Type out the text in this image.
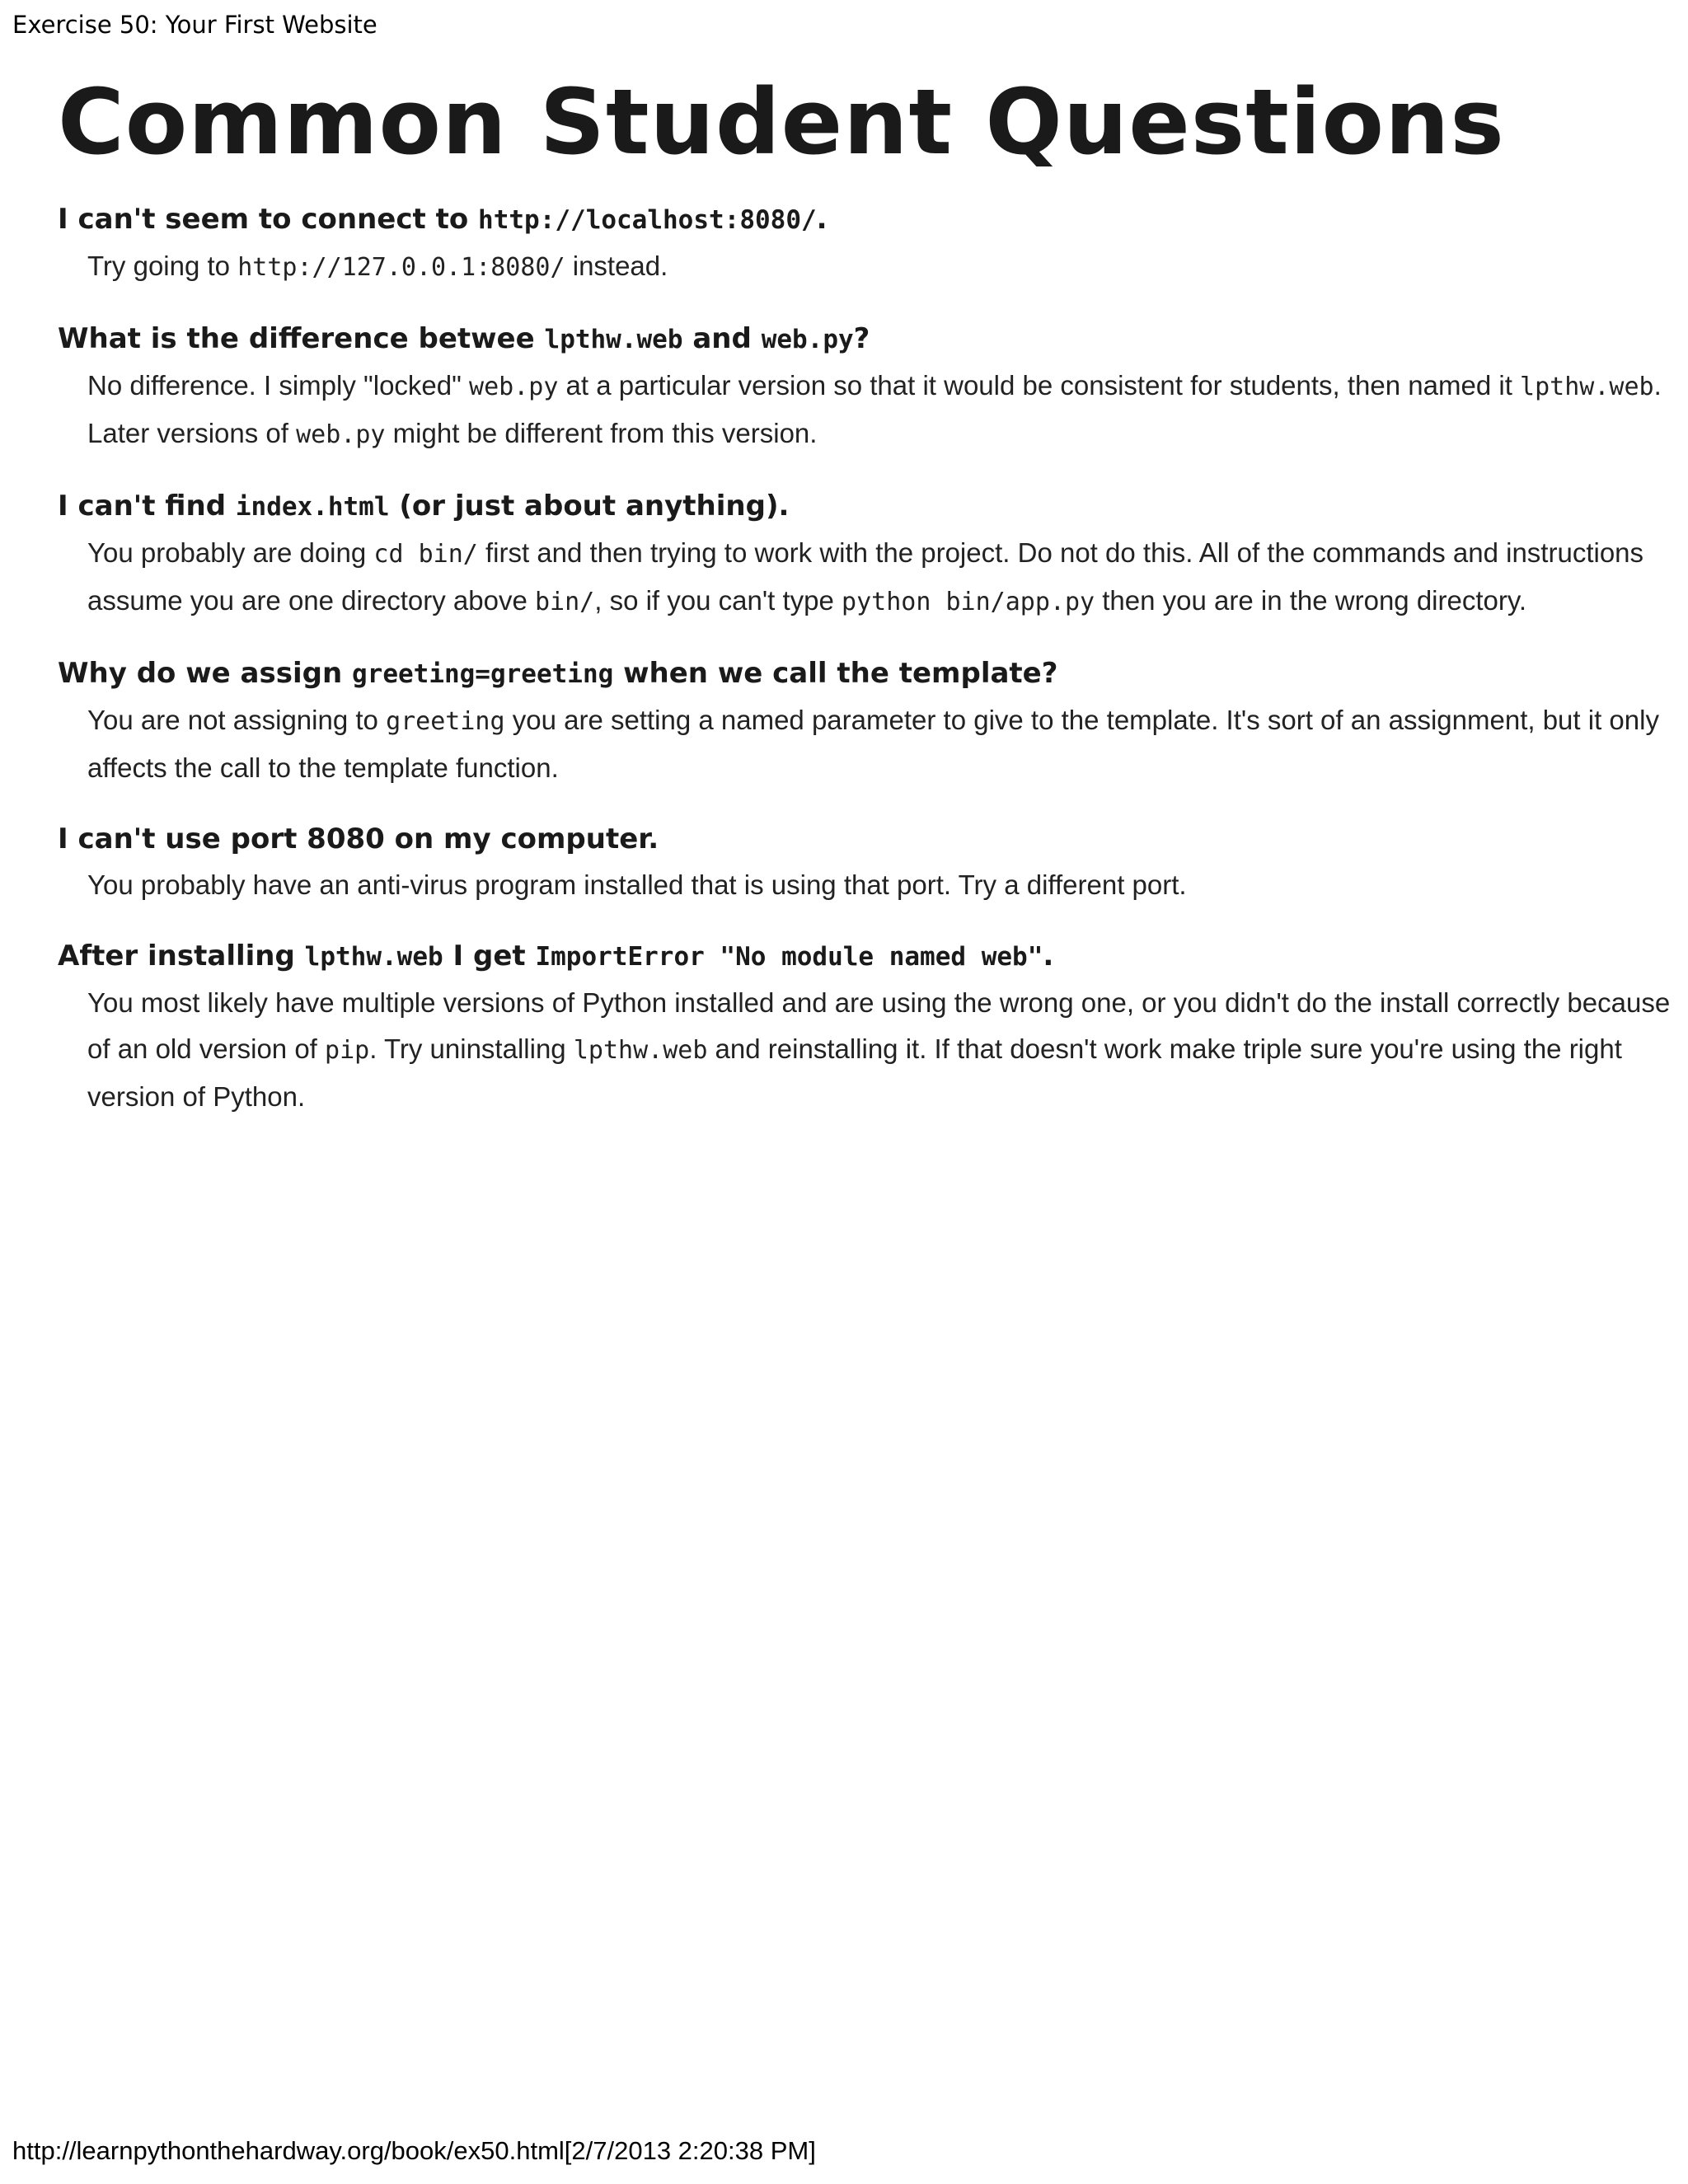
Exercise 50: Your First Website
Common Student Questions
I can't seem to connect to http://localhost:8080/.
Try going to http://127.0.0.1:8080/ instead.
What is the difference betwee lpthw.web and web.py?
No difference. I simply "locked" web.py at a particular version so that it would be consistent for students, then named it lpthw.web. Later versions of web.py might be different from this version.
I can't find index.html (or just about anything).
You probably are doing cd bin/ first and then trying to work with the project. Do not do this. All of the commands and instructions assume you are one directory above bin/, so if you can't type python bin/app.py then you are in the wrong directory.
Why do we assign greeting=greeting when we call the template?
You are not assigning to greeting you are setting a named parameter to give to the template. It's sort of an assignment, but it only affects the call to the template function.
I can't use port 8080 on my computer.
You probably have an anti-virus program installed that is using that port. Try a different port.
After installing lpthw.web I get ImportError "No module named web".
You most likely have multiple versions of Python installed and are using the wrong one, or you didn't do the install correctly because of an old version of pip. Try uninstalling lpthw.web and reinstalling it. If that doesn't work make triple sure you're using the right version of Python.
http://learnpythonthehardway.org/book/ex50.html[2/7/2013 2:20:38 PM]
